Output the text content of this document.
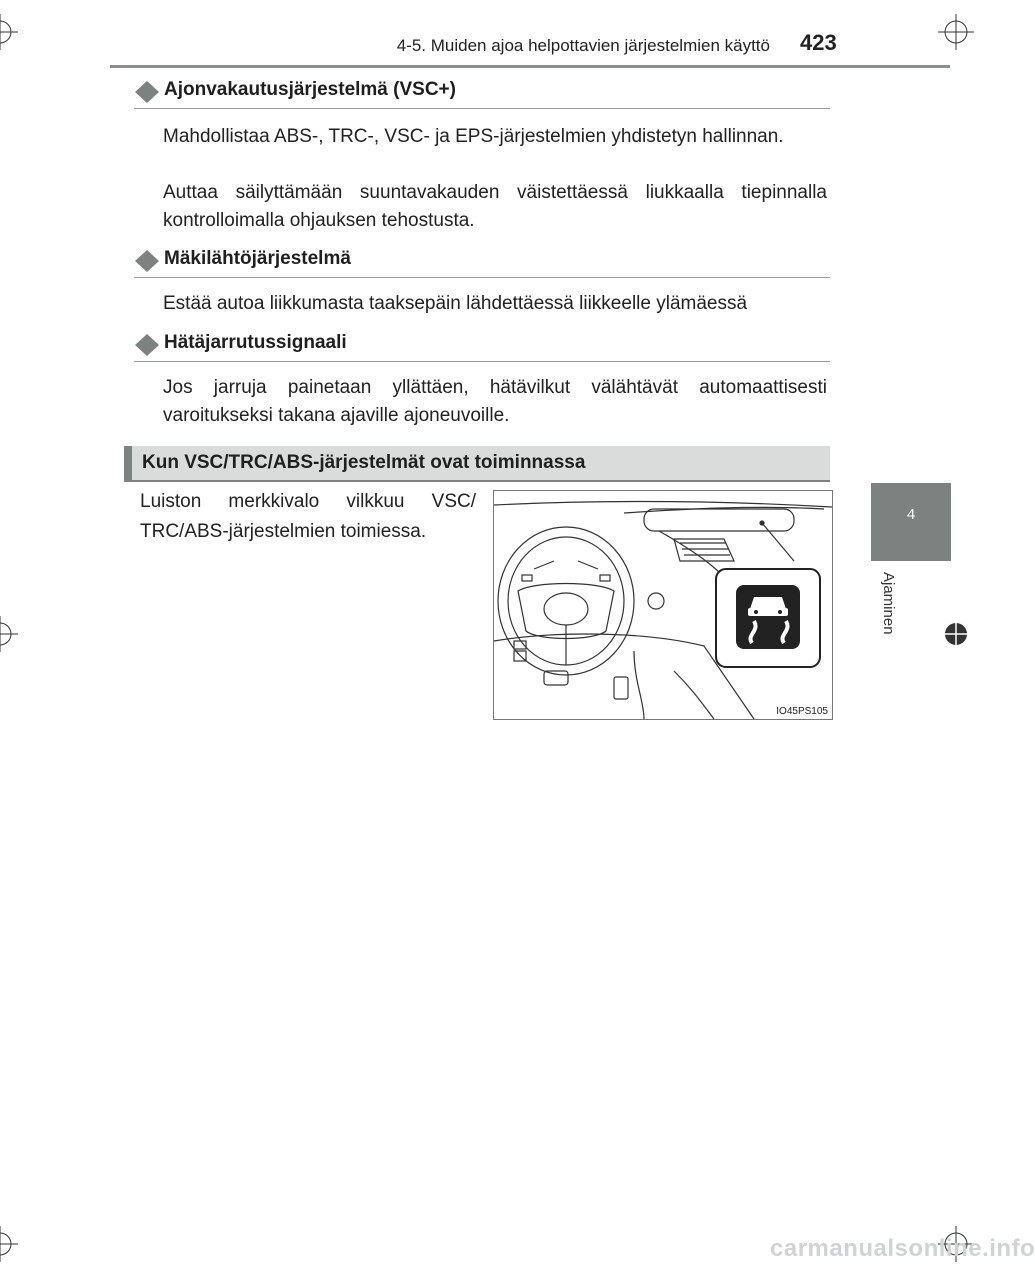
4-5. Muiden ajoa helpottavien järjestelmien käyttö 423
4
Ajaminen
Ajonvakautusjärjestelmä (VSC+)
Mahdollistaa ABS-, TRC-, VSC- ja EPS-järjestelmien yhdistetyn hallinnan.
Auttaa säilyttämään suuntavakauden väistettäessä liukkaalla tiepinnalla kontrolloimalla ohjauksen tehostusta.
Mäkilähtöjärjestelmä
Estää autoa liikkumasta taaksepäin lähdettäessä liikkeelle ylämäessä
Hätäjarrutussignaali
Jos jarruja painetaan yllättäen, hätävilkut välähtävät automaattisesti varoitukseksi takana ajaville ajoneuvoille.
Kun VSC/TRC/ABS-järjestelmät ovat toiminnassa
Luiston merkkivalo vilkkuu VSC/ TRC/ABS-järjestelmien toimiessa.
IO45PS105
carmanualsonline.info
